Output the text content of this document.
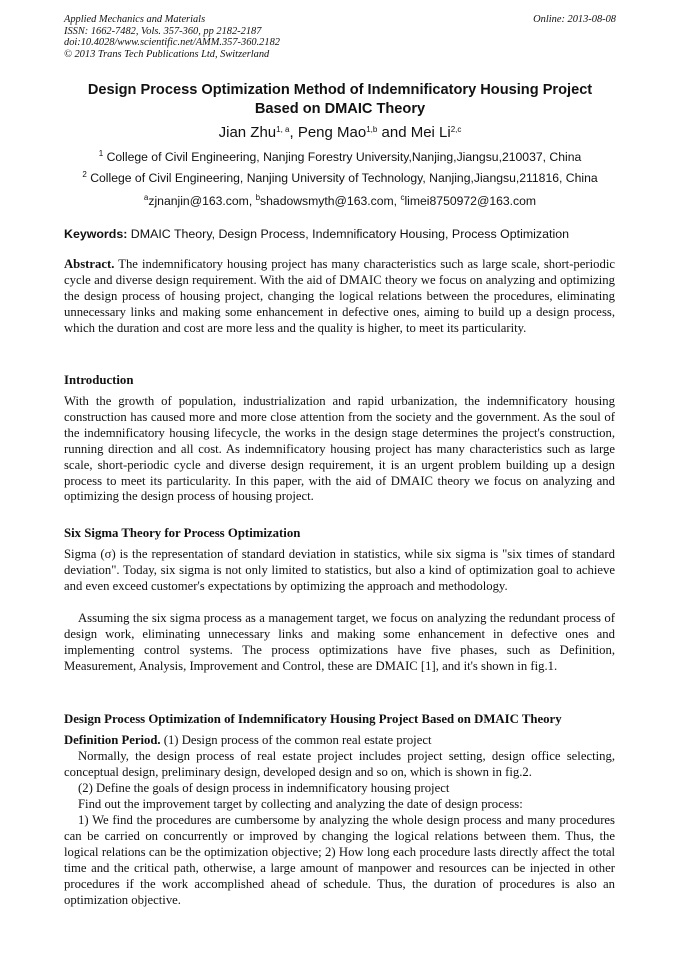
Applied Mechanics and Materials
ISSN: 1662-7482, Vols. 357-360, pp 2182-2187
doi:10.4028/www.scientific.net/AMM.357-360.2182
© 2013 Trans Tech Publications Ltd, Switzerland
Online: 2013-08-08
Design Process Optimization Method of Indemnificatory Housing Project
Based on DMAIC Theory
Jian Zhu$^{1, a}$, Peng Mao$^{1,b}$ and Mei Li$^{2,c}$
$^1$ College of Civil Engineering, Nanjing Forestry University,Nanjing,Jiangsu,210037, China
$^2$ College of Civil Engineering, Nanjing University of Technology, Nanjing,Jiangsu,211816, China
$^a$zjnanjin@163.com, $^b$shadowsmyth@163.com, $^c$limei8750972@163.com
Keywords: DMAIC Theory, Design Process, Indemnificatory Housing, Process Optimization
Abstract. The indemnificatory housing project has many characteristics such as large scale, short-periodic cycle and diverse design requirement. With the aid of DMAIC theory we focus on analyzing and optimizing the design process of housing project, changing the logical relations between the procedures, eliminating unnecessary links and making some enhancement in defective ones, aiming to build up a design process, which the duration and cost are more less and the quality is higher, to meet its particularity.
Introduction
With the growth of population, industrialization and rapid urbanization, the indemnificatory housing construction has caused more and more close attention from the society and the government. As the soul of the indemnificatory housing lifecycle, the works in the design stage determines the project's construction, running direction and all cost. As indemnificatory housing project has many characteristics such as large scale, short-periodic cycle and diverse design requirement, it is an urgent problem building up a design process to meet its particularity. In this paper, with the aid of DMAIC theory we focus on analyzing and optimizing the design process of housing project.
Six Sigma Theory for Process Optimization
Sigma (σ) is the representation of standard deviation in statistics, while six sigma is "six times of standard deviation". Today, six sigma is not only limited to statistics, but also a kind of optimization goal to achieve and even exceed customer's expectations by optimizing the approach and methodology.
Assuming the six sigma process as a management target, we focus on analyzing the redundant process of design work, eliminating unnecessary links and making some enhancement in defective ones and implementing control systems. The process optimizations have five phases, such as Definition, Measurement, Analysis, Improvement and Control, these are DMAIC [1], and it's shown in fig.1.
Design Process Optimization of Indemnificatory Housing Project Based on DMAIC Theory
Definition Period. (1) Design process of the common real estate project
Normally, the design process of real estate project includes project setting, design office selecting, conceptual design, preliminary design, developed design and so on, which is shown in fig.2.
(2) Define the goals of design process in indemnificatory housing project
Find out the improvement target by collecting and analyzing the date of design process:
1) We find the procedures are cumbersome by analyzing the whole design process and many procedures can be carried on concurrently or improved by changing the logical relations between them. Thus, the logical relations can be the optimization objective; 2) How long each procedure lasts directly affect the total time and the critical path, otherwise, a large amount of manpower and resources can be injected in other procedures if the work accomplished ahead of schedule. Thus, the duration of procedures is also an optimization objective.
